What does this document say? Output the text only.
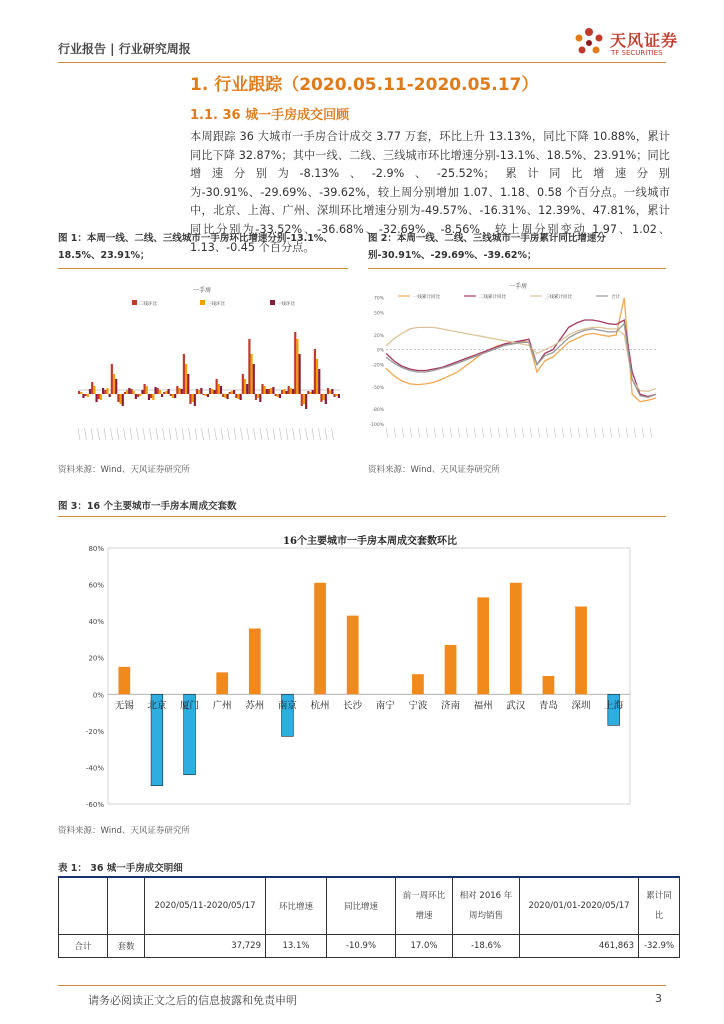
行业报告 | 行业研究周报	天风证券
TF SECURITIES
1. 行业跟踪（2020.05.11-2020.05.17）
1.1. 36 城一手房成交回顾
本周跟踪 36 大城市一手房合计成交 3.77 万套，环比上升 13.13%，同比下降 10.88%，累计同比下降 32.87%；其中一线、二线、三线城市环比增速分别-13.1%、18.5%、23.91%；同比增速分别为-8.13%、-2.9%、-25.52%；累计同比增速分别为-30.91%、-29.69%、-39.62%，较上周分别增加 1.07、1.18、0.58 个百分点。一线城市中，北京、上海、广州、深圳环比增速分别为-49.57%、-16.31%、12.39%、47.81%，累计同比分别为-33.52%、-36.68%、-32.69%、-8.56%，较上周分别变动 1.97、1.02、1.13、-0.45 个百分点。
图 1：本周一线、二线、三线城市一手房环比增速分别-13.1%、18.5%、23.91%；
一手房
二线环比	三线环比	一线环比
资料来源：Wind、天风证券研究所
图 2：本周一线、二线、三线城市一手房累计同比增速分别-30.91%、-29.69%、-39.62%；
一手房
一线累计同比	二线累计同比	三线累计同比	合计
70%
50%
20%
0%
-20%
-50%
-80%
-100%
资料来源：Wind、天风证券研究所
图 3：16 个主要城市一手房本周成交套数
16个主要城市一手房本周成交套数环比
80%
60%
40%
20%
0%
-20%
-40%
-60%
无锡 北京 厦门 广州 苏州 南京 杭州 长沙 南宁 宁波 济南 福州 武汉 青岛 深圳 上海
资料来源：Wind、天风证券研究所
表 1： 36 城一手房成交明细
		2020/05/11-2020/05/17	环比增速	同比增速	前一周环比增速	相对 2016 年周均销售	2020/01/01-2020/05/17	累计同比
合计	套数	37,729	13.1%	-10.9%	17.0%	-18.6%	461,863	-32.9%
请务必阅读正文之后的信息披露和免责申明	3
